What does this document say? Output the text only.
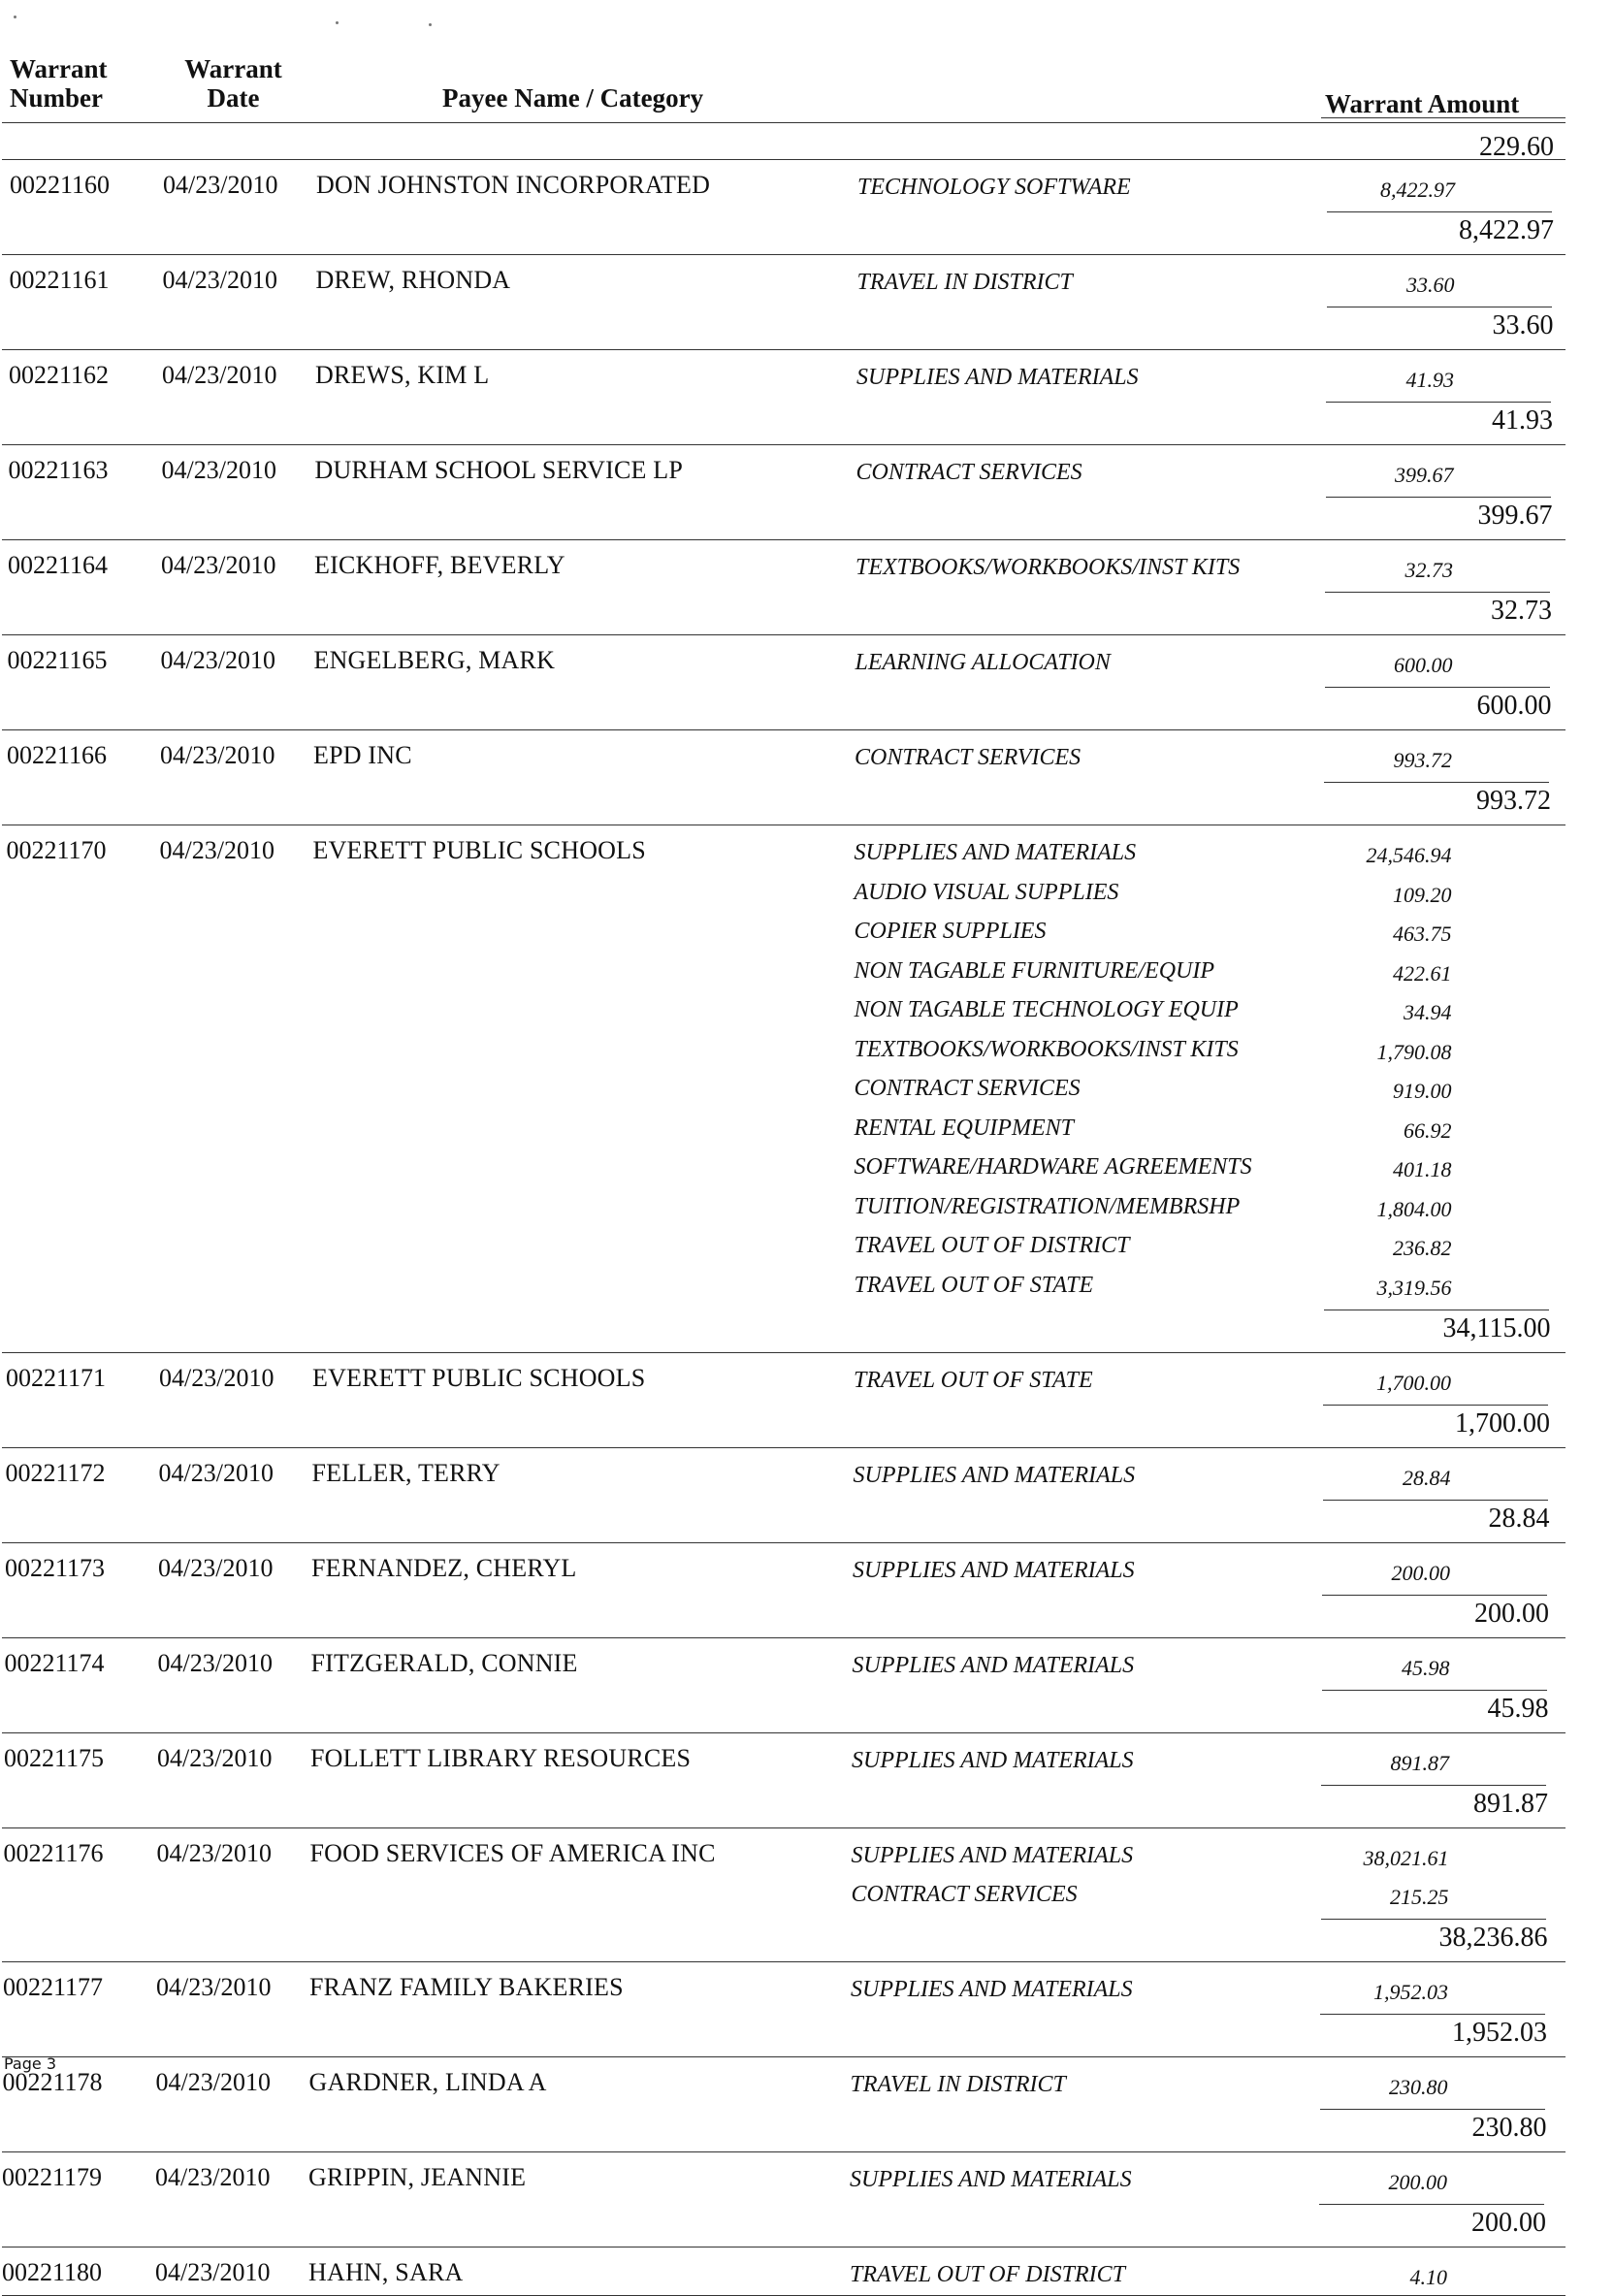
Warrant
Number
Warrant
Date	Payee Name / Category	Warrant Amount
229.60
00221160 04/23/2010 DON JOHNSTON INCORPORATED	TECHNOLOGY SOFTWARE	8,422.97
8,422.97
00221161 04/23/2010 DREW, RHONDA	TRAVEL IN DISTRICT	33.60
33.60
00221162 04/23/2010 DREWS, KIM L	SUPPLIES AND MATERIALS	41.93
41.93
00221163 04/23/2010 DURHAM SCHOOL SERVICE LP	CONTRACT SERVICES	399.67
399.67
00221164 04/23/2010 EICKHOFF, BEVERLY	TEXTBOOKS/WORKBOOKS/INST KITS	32.73
32.73
00221165 04/23/2010 ENGELBERG, MARK	LEARNING ALLOCATION	600.00
600.00
00221166 04/23/2010 EPD INC	CONTRACT SERVICES	993.72
993.72
00221170 04/23/2010 EVERETT PUBLIC SCHOOLS	SUPPLIES AND MATERIALS	24,546.94
AUDIO VISUAL SUPPLIES	109.20
COPIER SUPPLIES	463.75
NON TAGABLE FURNITURE/EQUIP	422.61
NON TAGABLE TECHNOLOGY EQUIP	34.94
TEXTBOOKS/WORKBOOKS/INST KITS	1,790.08
CONTRACT SERVICES	919.00
RENTAL EQUIPMENT	66.92
SOFTWARE/HARDWARE AGREEMENTS	401.18
TUITION/REGISTRATION/MEMBRSHP	1,804.00
TRAVEL OUT OF DISTRICT	236.82
TRAVEL OUT OF STATE	3,319.56
34,115.00
00221171 04/23/2010 EVERETT PUBLIC SCHOOLS	TRAVEL OUT OF STATE	1,700.00
1,700.00
00221172 04/23/2010 FELLER, TERRY	SUPPLIES AND MATERIALS	28.84
28.84
00221173 04/23/2010 FERNANDEZ, CHERYL	SUPPLIES AND MATERIALS	200.00
200.00
00221174 04/23/2010 FITZGERALD, CONNIE	SUPPLIES AND MATERIALS	45.98
45.98
00221175 04/23/2010 FOLLETT LIBRARY RESOURCES	SUPPLIES AND MATERIALS	891.87
891.87
00221176 04/23/2010 FOOD SERVICES OF AMERICA INC	SUPPLIES AND MATERIALS	38,021.61
CONTRACT SERVICES	215.25
38,236.86
00221177 04/23/2010 FRANZ FAMILY BAKERIES	SUPPLIES AND MATERIALS	1,952.03
1,952.03
00221178 04/23/2010 GARDNER, LINDA A	TRAVEL IN DISTRICT	230.80
230.80
00221179 04/23/2010 GRIPPIN, JEANNIE	SUPPLIES AND MATERIALS	200.00
200.00
00221180 04/23/2010 HAHN, SARA	TRAVEL OUT OF DISTRICT	4.10
Page 3
